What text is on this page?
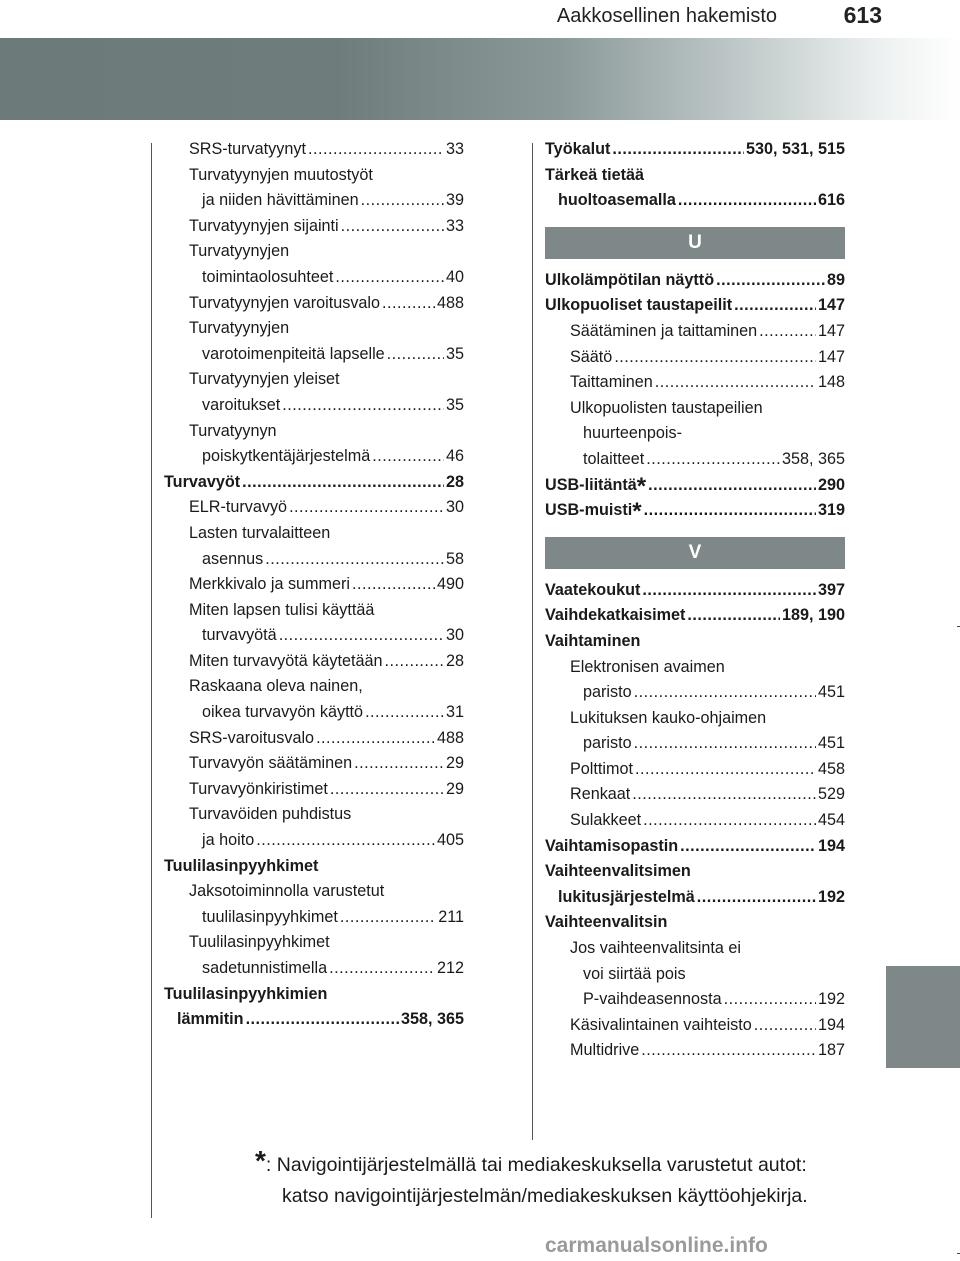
Aakkosellinen hakemisto	613
SRS-turvatyynyt .....	33
Turvatyynyjen muutostyöt
ja niiden hävittäminen .....	39
Turvatyynyjen sijainti .....	33
Turvatyynyjen
toimintaolosuhteet .....	40
Turvatyynyjen varoitusvalo .....	488
Turvatyynyjen
varotoimenpiteitä lapselle .....	35
Turvatyynyjen yleiset
varoitukset .....	35
Turvatyynyn
poiskytkentäjärjestelmä .....	46
Turvavyöt .....	28
ELR-turvavyö .....	30
Lasten turvalaitteen
asennus .....	58
Merkkivalo ja summeri .....	490
Miten lapsen tulisi käyttää
turvavyötä .....	30
Miten turvavyötä käytetään .....	28
Raskaana oleva nainen,
oikea turvavyön käyttö .....	31
SRS-varoitusvalo .....	488
Turvavyön säätäminen .....	29
Turvavyönkiristimet .....	29
Turvavöiden puhdistus
ja hoito .....	405
Tuulilasinpyyhkimet
Jaksotoiminnolla varustetut
tuulilasinpyyhkimet .....	211
Tuulilasinpyyhkimet
sadetunnistimella .....	212
Tuulilasinpyyhkimien
lämmitin .....	358, 365
Työkalut .....	530, 531, 515
Tärkeä tietää
huoltoasemalla .....	616
U
Ulkolämpötilan näyttö .....	89
Ulkopuoliset taustapeilit .....	147
Säätäminen ja taittaminen .....	147
Säätö .....	147
Taittaminen .....	148
Ulkopuolisten taustapeilien
huurteenpois-
tolaitteet .....	358, 365
USB-liitäntä* .....	290
USB-muisti* .....	319
V
Vaatekoukut .....	397
Vaihdekatkaisimet .....	189, 190
Vaihtaminen
Elektronisen avaimen
paristo .....	451
Lukituksen kauko-ohjaimen
paristo .....	451
Polttimot .....	458
Renkaat .....	529
Sulakkeet .....	454
Vaihtamisopastin .....	194
Vaihteenvalitsimen
lukitusjärjestelmä .....	192
Vaihteenvalitsin
Jos vaihteenvalitsinta ei
voi siirtää pois
P-vaihdeasennosta .....	192
Käsivalintainen vaihteisto .....	194
Multidrive .....	187
*: Navigointijärjestelmällä tai mediakeskuksella varustetut autot:
katso navigointijärjestelmän/mediakeskuksen käyttöohjekirja.
carmanualsonline.info
